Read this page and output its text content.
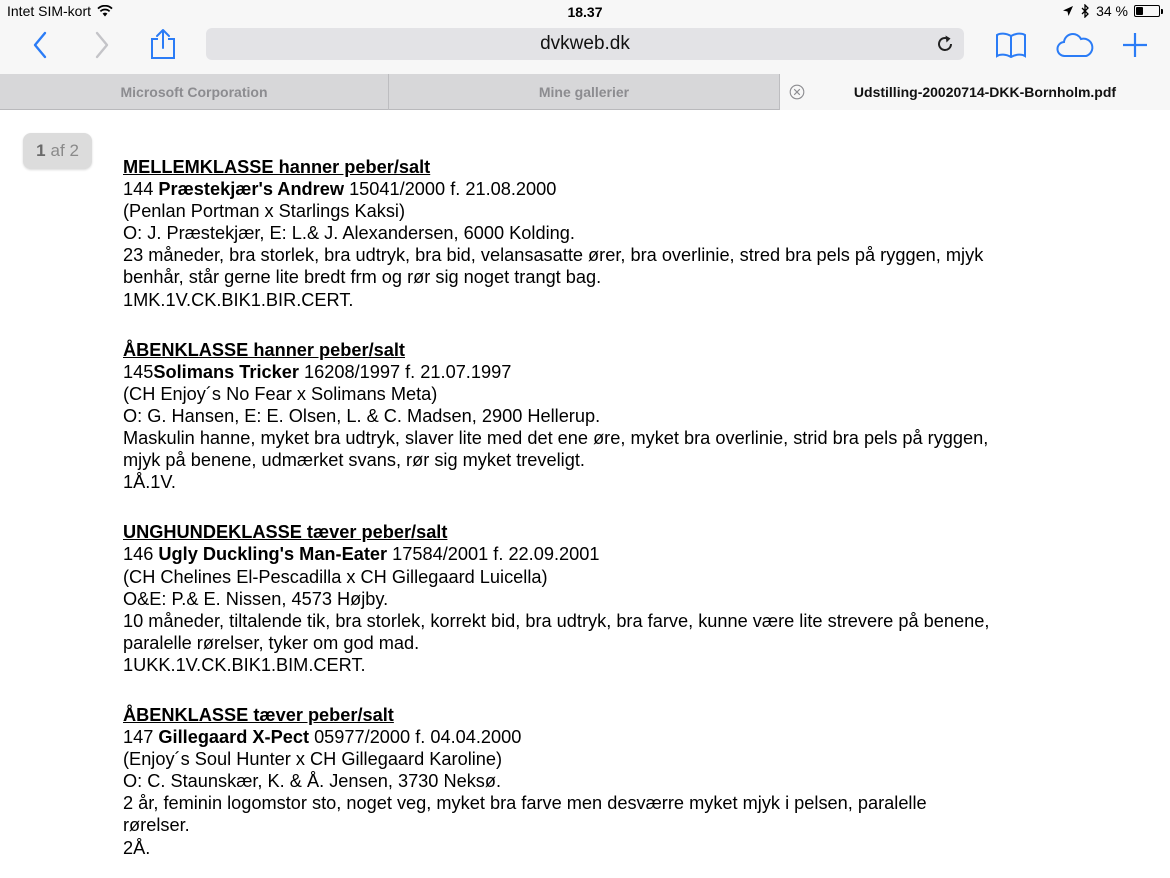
Intet SIM-kort	18.37	34 %
dvkweb.dk
Microsoft Corporation	Mine gallerier	Udstilling-20020714-DKK-Bornholm.pdf
1 af 2
MELLEMKLASSE hanner peber/salt
144 Præstekjær's Andrew 15041/2000 f. 21.08.2000
(Penlan Portman x Starlings Kaksi)
O: J. Præstekjær, E: L.& J. Alexandersen, 6000 Kolding.
23 måneder, bra storlek, bra udtryk, bra bid, velansasatte ører, bra overlinie, stred bra pels på ryggen, mjyk
benhår, står gerne lite bredt frm og rør sig noget trangt bag.
1MK.1V.CK.BIK1.BIR.CERT.
ÅBENKLASSE hanner peber/salt
145Solimans Tricker 16208/1997 f. 21.07.1997
(CH Enjoy´s No Fear x Solimans Meta)
O: G. Hansen, E: E. Olsen, L. & C. Madsen, 2900 Hellerup.
Maskulin hanne, myket bra udtryk, slaver lite med det ene øre, myket bra overlinie, strid bra pels på ryggen,
mjyk på benene, udmærket svans, rør sig myket treveligt.
1Å.1V.
UNGHUNDEKLASSE tæver peber/salt
146 Ugly Duckling's Man-Eater 17584/2001 f. 22.09.2001
(CH Chelines El-Pescadilla x CH Gillegaard Luicella)
O&E: P.& E. Nissen, 4573 Højby.
10 måneder, tiltalende tik, bra storlek, korrekt bid, bra udtryk, bra farve, kunne være lite strevere på benene,
paralelle rørelser, tyker om god mad.
1UKK.1V.CK.BIK1.BIM.CERT.
ÅBENKLASSE tæver peber/salt
147 Gillegaard X-Pect 05977/2000 f. 04.04.2000
(Enjoy´s Soul Hunter x CH Gillegaard Karoline)
O: C. Staunskær, K. & Å. Jensen, 3730 Neksø.
2 år, feminin logomstor sto, noget veg, myket bra farve men desværre myket mjyk i pelsen, paralelle
rørelser.
2Å.
